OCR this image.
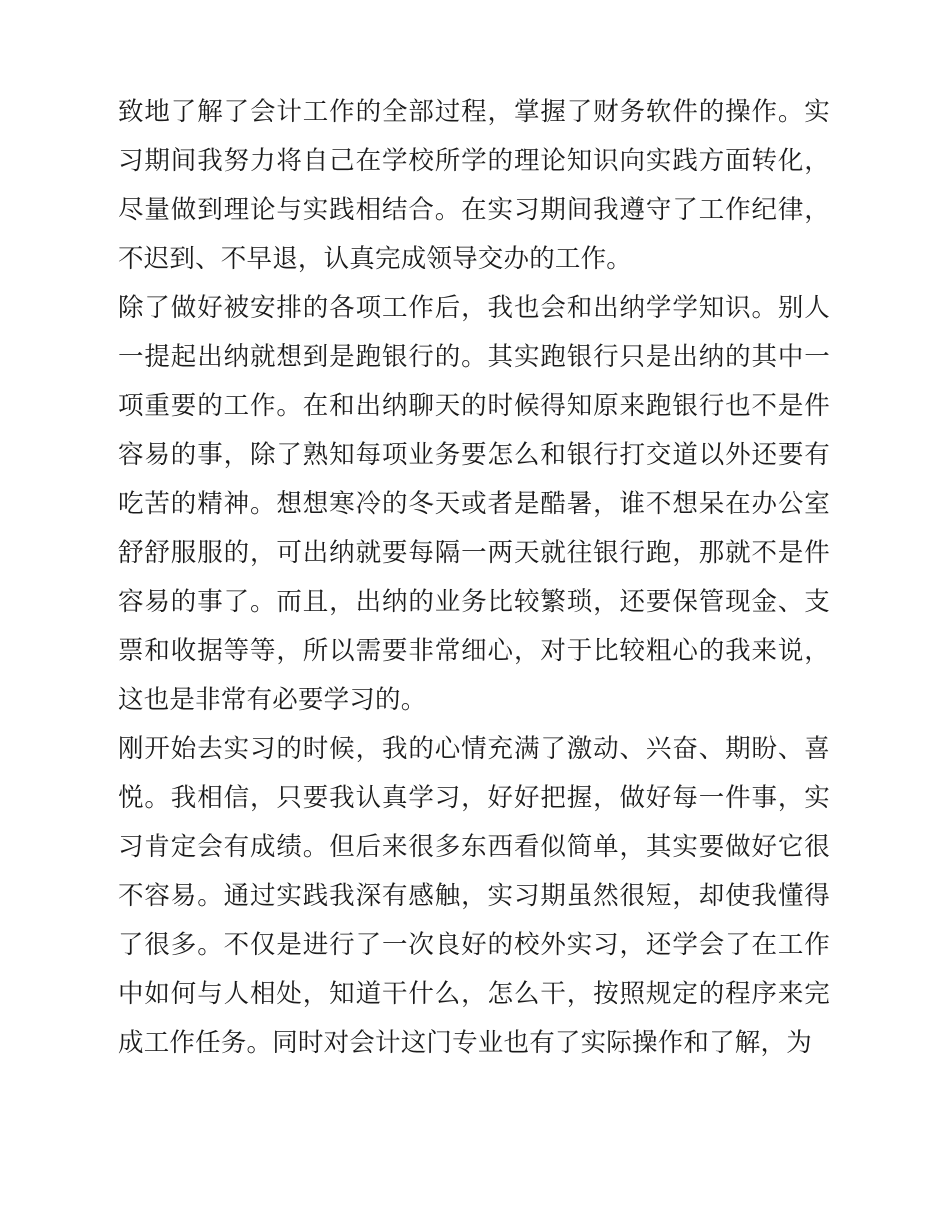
致地了解了会计工作的全部过程，掌握了财务软件的操作。实习期间我努力将自己在学校所学的理论知识向实践方面转化，尽量做到理论与实践相结合。在实习期间我遵守了工作纪律，不迟到、不早退，认真完成领导交办的工作。

除了做好被安排的各项工作后，我也会和出纳学学知识。别人一提起出纳就想到是跑银行的。其实跑银行只是出纳的其中一项重要的工作。在和出纳聊天的时候得知原来跑银行也不是件容易的事，除了熟知每项业务要怎么和银行打交道以外还要有吃苦的精神。想想寒冷的冬天或者是酷暑，谁不想呆在办公室舒舒服服的，可出纳就要每隔一两天就往银行跑，那就不是件容易的事了。而且，出纳的业务比较繁琐，还要保管现金、支票和收据等等，所以需要非常细心，对于比较粗心的我来说，这也是非常有必要学习的。

刚开始去实习的时候，我的心情充满了激动、兴奋、期盼、喜悦。我相信，只要我认真学习，好好把握，做好每一件事，实习肯定会有成绩。但后来很多东西看似简单，其实要做好它很不容易。通过实践我深有感触，实习期虽然很短，却使我懂得了很多。不仅是进行了一次良好的校外实习，还学会了在工作中如何与人相处，知道干什么，怎么干，按照规定的程序来完成工作任务。同时对会计这门专业也有了实际操作和了解，为
